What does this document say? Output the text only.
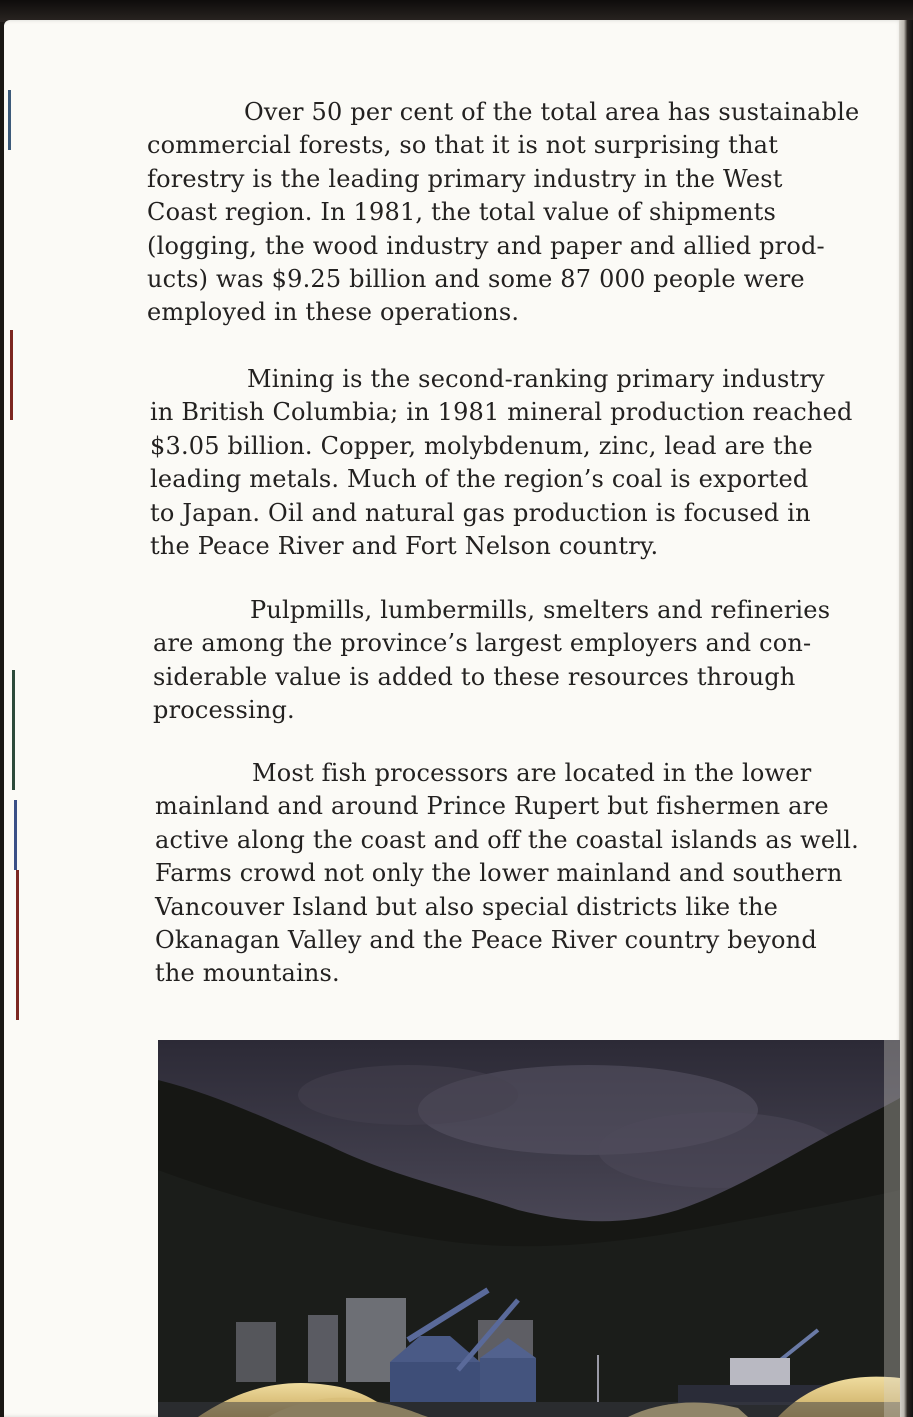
Over 50 per cent of the total area has sustainable
commercial forests, so that it is not surprising that
forestry is the leading primary industry in the West
Coast region. In 1981, the total value of shipments
(logging, the wood industry and paper and allied prod-
ucts) was $9.25 billion and some 87 000 people were
employed in these operations.

Mining is the second-ranking primary industry
in British Columbia; in 1981 mineral production reached
$3.05 billion. Copper, molybdenum, zinc, lead are the
leading metals. Much of the region’s coal is exported
to Japan. Oil and natural gas production is focused in
the Peace River and Fort Nelson country.

Pulpmills, lumbermills, smelters and refineries
are among the province’s largest employers and con-
siderable value is added to these resources through
processing.

Most fish processors are located in the lower
mainland and around Prince Rupert but fishermen are
active along the coast and off the coastal islands as well.
Farms crowd not only the lower mainland and southern
Vancouver Island but also special districts like the
Okanagan Valley and the Peace River country beyond
the mountains.
